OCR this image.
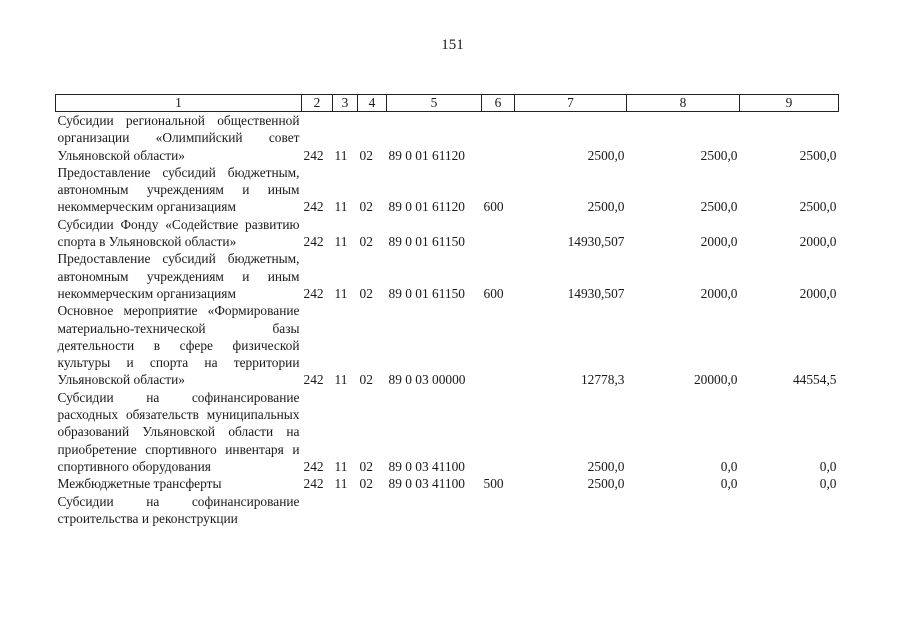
151
1	2	3	4	5	6	7	8	9
Субсидии региональной общественной организации «Олимпийский совет Ульяновской области»	242	11	02	89 0 01 61120		2500,0	2500,0	2500,0
Предоставление субсидий бюджетным, автономным учреждениям и иным некоммерческим организациям	242	11	02	89 0 01 61120	600	2500,0	2500,0	2500,0
Субсидии Фонду «Содействие развитию спорта в Ульяновской области»	242	11	02	89 0 01 61150		14930,507	2000,0	2000,0
Предоставление субсидий бюджетным, автономным учреждениям и иным некоммерческим организациям	242	11	02	89 0 01 61150	600	14930,507	2000,0	2000,0
Основное мероприятие «Формирование материально-технической базы деятельности в сфере физической культуры и спорта на территории Ульяновской области»	242	11	02	89 0 03 00000		12778,3	20000,0	44554,5
Субсидии на софинансирование расходных обязательств муниципальных образований Ульяновской области на приобретение спортивного инвентаря и спортивного оборудования	242	11	02	89 0 03 41100		2500,0	0,0	0,0
Межбюджетные трансферты	242	11	02	89 0 03 41100	500	2500,0	0,0	0,0
Субсидии на софинансирование строительства и реконструкции								
